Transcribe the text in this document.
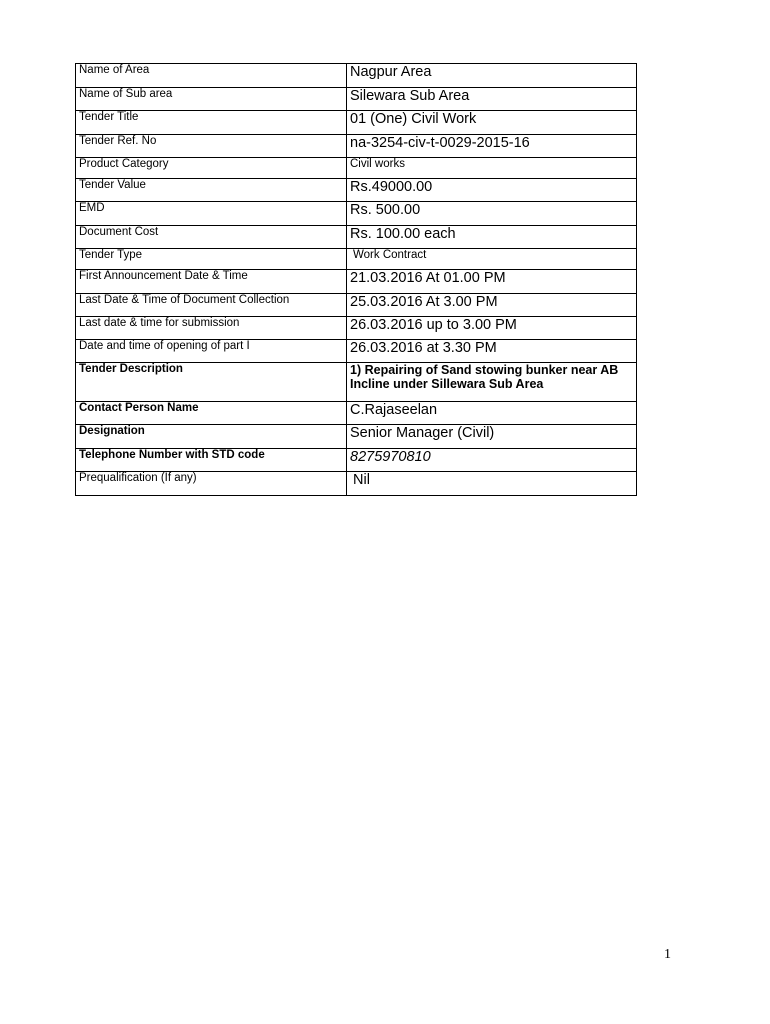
Name of Area	Nagpur Area
Name of Sub area	Silewara Sub Area
Tender Title	01 (One) Civil Work
Tender Ref. No	na-3254-civ-t-0029-2015-16
Product Category	Civil works
Tender Value	Rs.49000.00
EMD	Rs. 500.00
Document Cost	Rs. 100.00 each
Tender Type	Work Contract
First Announcement Date & Time	21.03.2016 At 01.00 PM
Last Date & Time of Document Collection	25.03.2016 At 3.00 PM
Last date & time for submission	26.03.2016 up to 3.00 PM
Date and time of opening of part I	26.03.2016 at 3.30 PM
Tender Description	1) Repairing of Sand stowing bunker near AB Incline under Sillewara Sub Area
Contact Person Name	C.Rajaseelan
Designation	Senior Manager (Civil)
Telephone Number with STD code	8275970810
Prequalification (If any)	Nil
1
